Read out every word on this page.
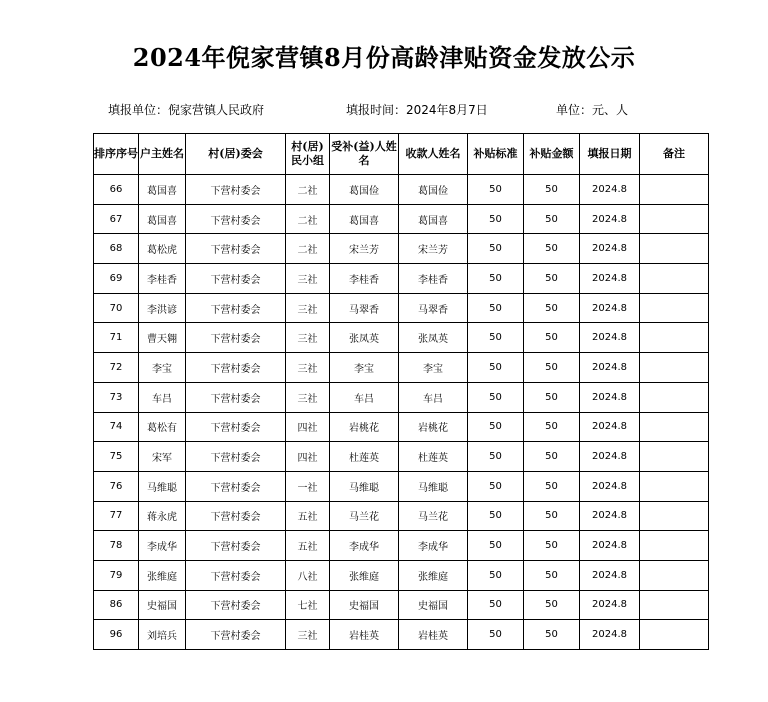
2024年倪家营镇8月份高龄津贴资金发放公示
填报单位：倪家营镇人民政府	填报时间：2024年8月7日	单位：元、人
排序序号	户主姓名	村(居)委会	村(居)民小组	受补(益)人姓名	收款人姓名	补贴标准	补贴金额	填报日期	备注
66	葛国喜	下营村委会	二社	葛国俭	葛国俭	50	50	2024.8	
67	葛国喜	下营村委会	二社	葛国喜	葛国喜	50	50	2024.8	
68	葛松虎	下营村委会	二社	宋兰芳	宋兰芳	50	50	2024.8	
69	李桂香	下营村委会	三社	李桂香	李桂香	50	50	2024.8	
70	李洪谚	下营村委会	三社	马翠香	马翠香	50	50	2024.8	
71	曹天翱	下营村委会	三社	张凤英	张凤英	50	50	2024.8	
72	李宝	下营村委会	三社	李宝	李宝	50	50	2024.8	
73	车吕	下营村委会	三社	车吕	车吕	50	50	2024.8	
74	葛松有	下营村委会	四社	岩桃花	岩桃花	50	50	2024.8	
75	宋军	下营村委会	四社	杜莲英	杜莲英	50	50	2024.8	
76	马维聪	下营村委会	一社	马维聪	马维聪	50	50	2024.8	
77	蒋永虎	下营村委会	五社	马兰花	马兰花	50	50	2024.8	
78	李成华	下营村委会	五社	李成华	李成华	50	50	2024.8	
79	张维庭	下营村委会	八社	张维庭	张维庭	50	50	2024.8	
86	史福国	下营村委会	七社	史福国	史福国	50	50	2024.8	
96	刘培兵	下营村委会	三社	岩桂英	岩桂英	50	50	2024.8	
